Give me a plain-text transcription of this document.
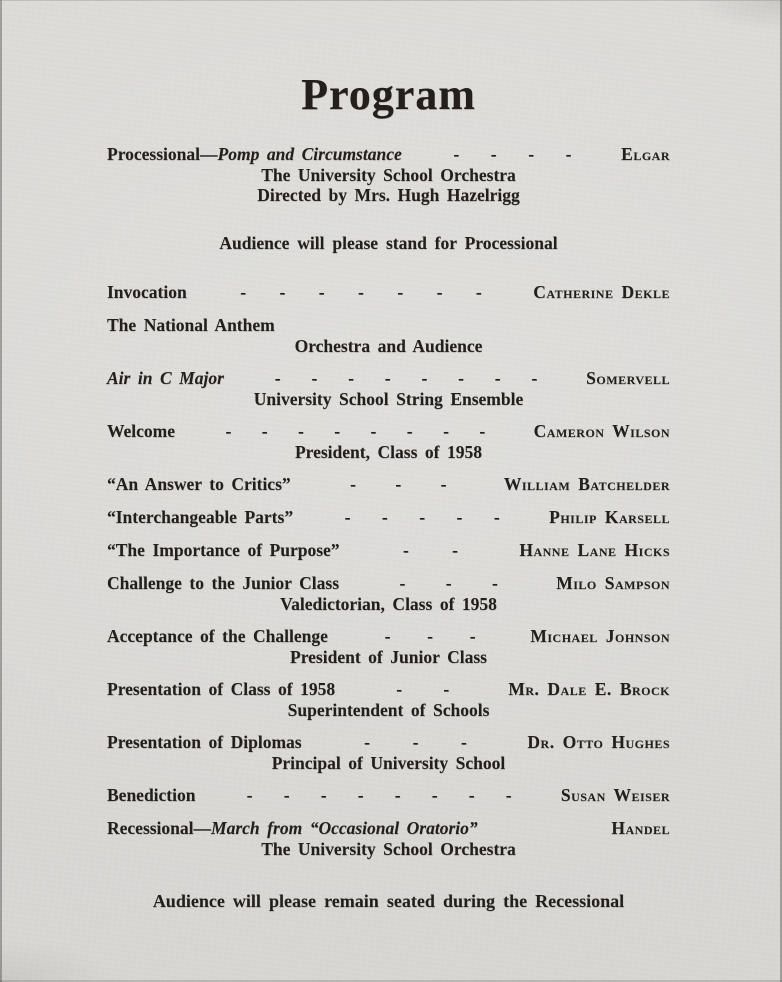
Program
Processional—Pomp and Circumstance	- - - -	Elgar
The University School Orchestra
Directed by Mrs. Hugh Hazelrigg
Audience will please stand for Processional
Invocation	- - - - - - -	Catherine Dekle
The National Anthem
Orchestra and Audience
Air in C Major	- - - - - - - -	Somervell
University School String Ensemble
Welcome	- - - - - - - -	Cameron Wilson
President, Class of 1958
“An Answer to Critics”	- - -	William Batchelder
“Interchangeable Parts”	- - - - -	Philip Karsell
“The Importance of Purpose”	- -	Hanne Lane Hicks
Challenge to the Junior Class	- - -	Milo Sampson
Valedictorian, Class of 1958
Acceptance of the Challenge	- - -	Michael Johnson
President of Junior Class
Presentation of Class of 1958	- -	Mr. Dale E. Brock
Superintendent of Schools
Presentation of Diplomas	- - -	Dr. Otto Hughes
Principal of University School
Benediction	- - - - - - - -	Susan Weiser
Recessional—March from “Occasional Oratorio”	Handel
The University School Orchestra
Audience will please remain seated during the Recessional
